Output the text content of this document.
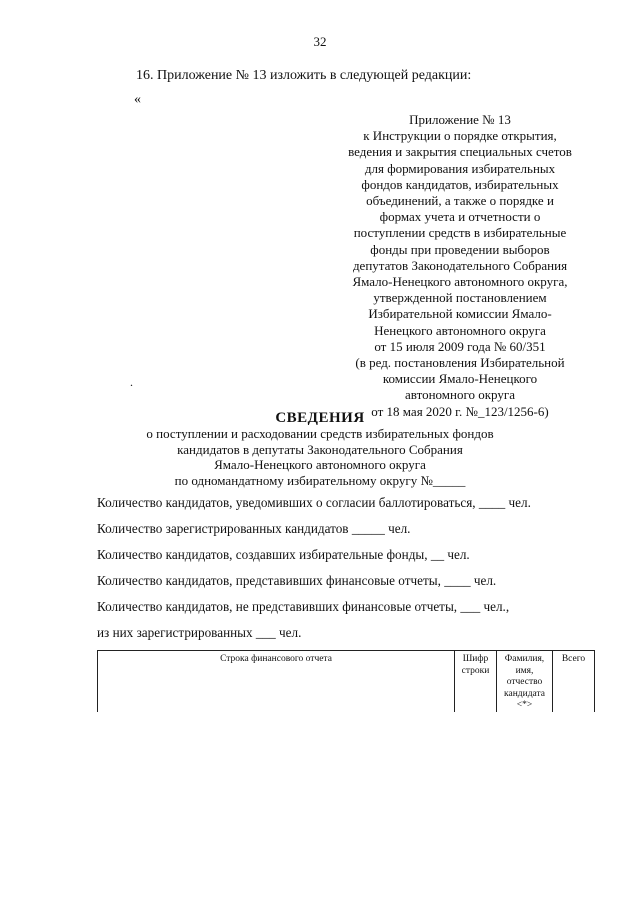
32
16. Приложение № 13 изложить в следующей редакции:
«
Приложение № 13
к Инструкции о порядке открытия,
ведения и закрытия специальных счетов
для формирования избирательных
фондов кандидатов, избирательных
объединений, а также о порядке и
формах учета и отчетности о
поступлении средств в избирательные
фонды при проведении выборов
депутатов Законодательного Собрания
Ямало-Ненецкого автономного округа,
утвержденной постановлением
Избирательной комиссии Ямало-
Ненецкого автономного округа
от 15 июля 2009 года № 60/351
(в ред. постановления Избирательной
комиссии Ямало-Ненецкого
автономного округа
от 18 мая 2020 г. №_123/1256-6)
.
СВЕДЕНИЯ
о поступлении и расходовании средств избирательных фондов
кандидатов в депутаты Законодательного Собрания
Ямало-Ненецкого автономного округа
по одномандатному избирательному округу №_____
Количество кандидатов, уведомивших о согласии баллотироваться, ____ чел.
Количество зарегистрированных кандидатов _____ чел.
Количество кандидатов, создавших избирательные фонды, __ чел.
Количество кандидатов, представивших финансовые отчеты, ____ чел.
Количество кандидатов, не представивших финансовые отчеты, ___ чел.,
из них зарегистрированных ___ чел.
Строка финансового отчета	Шифр строки	Фамилия, имя, отчество кандидата <*>	Всего
